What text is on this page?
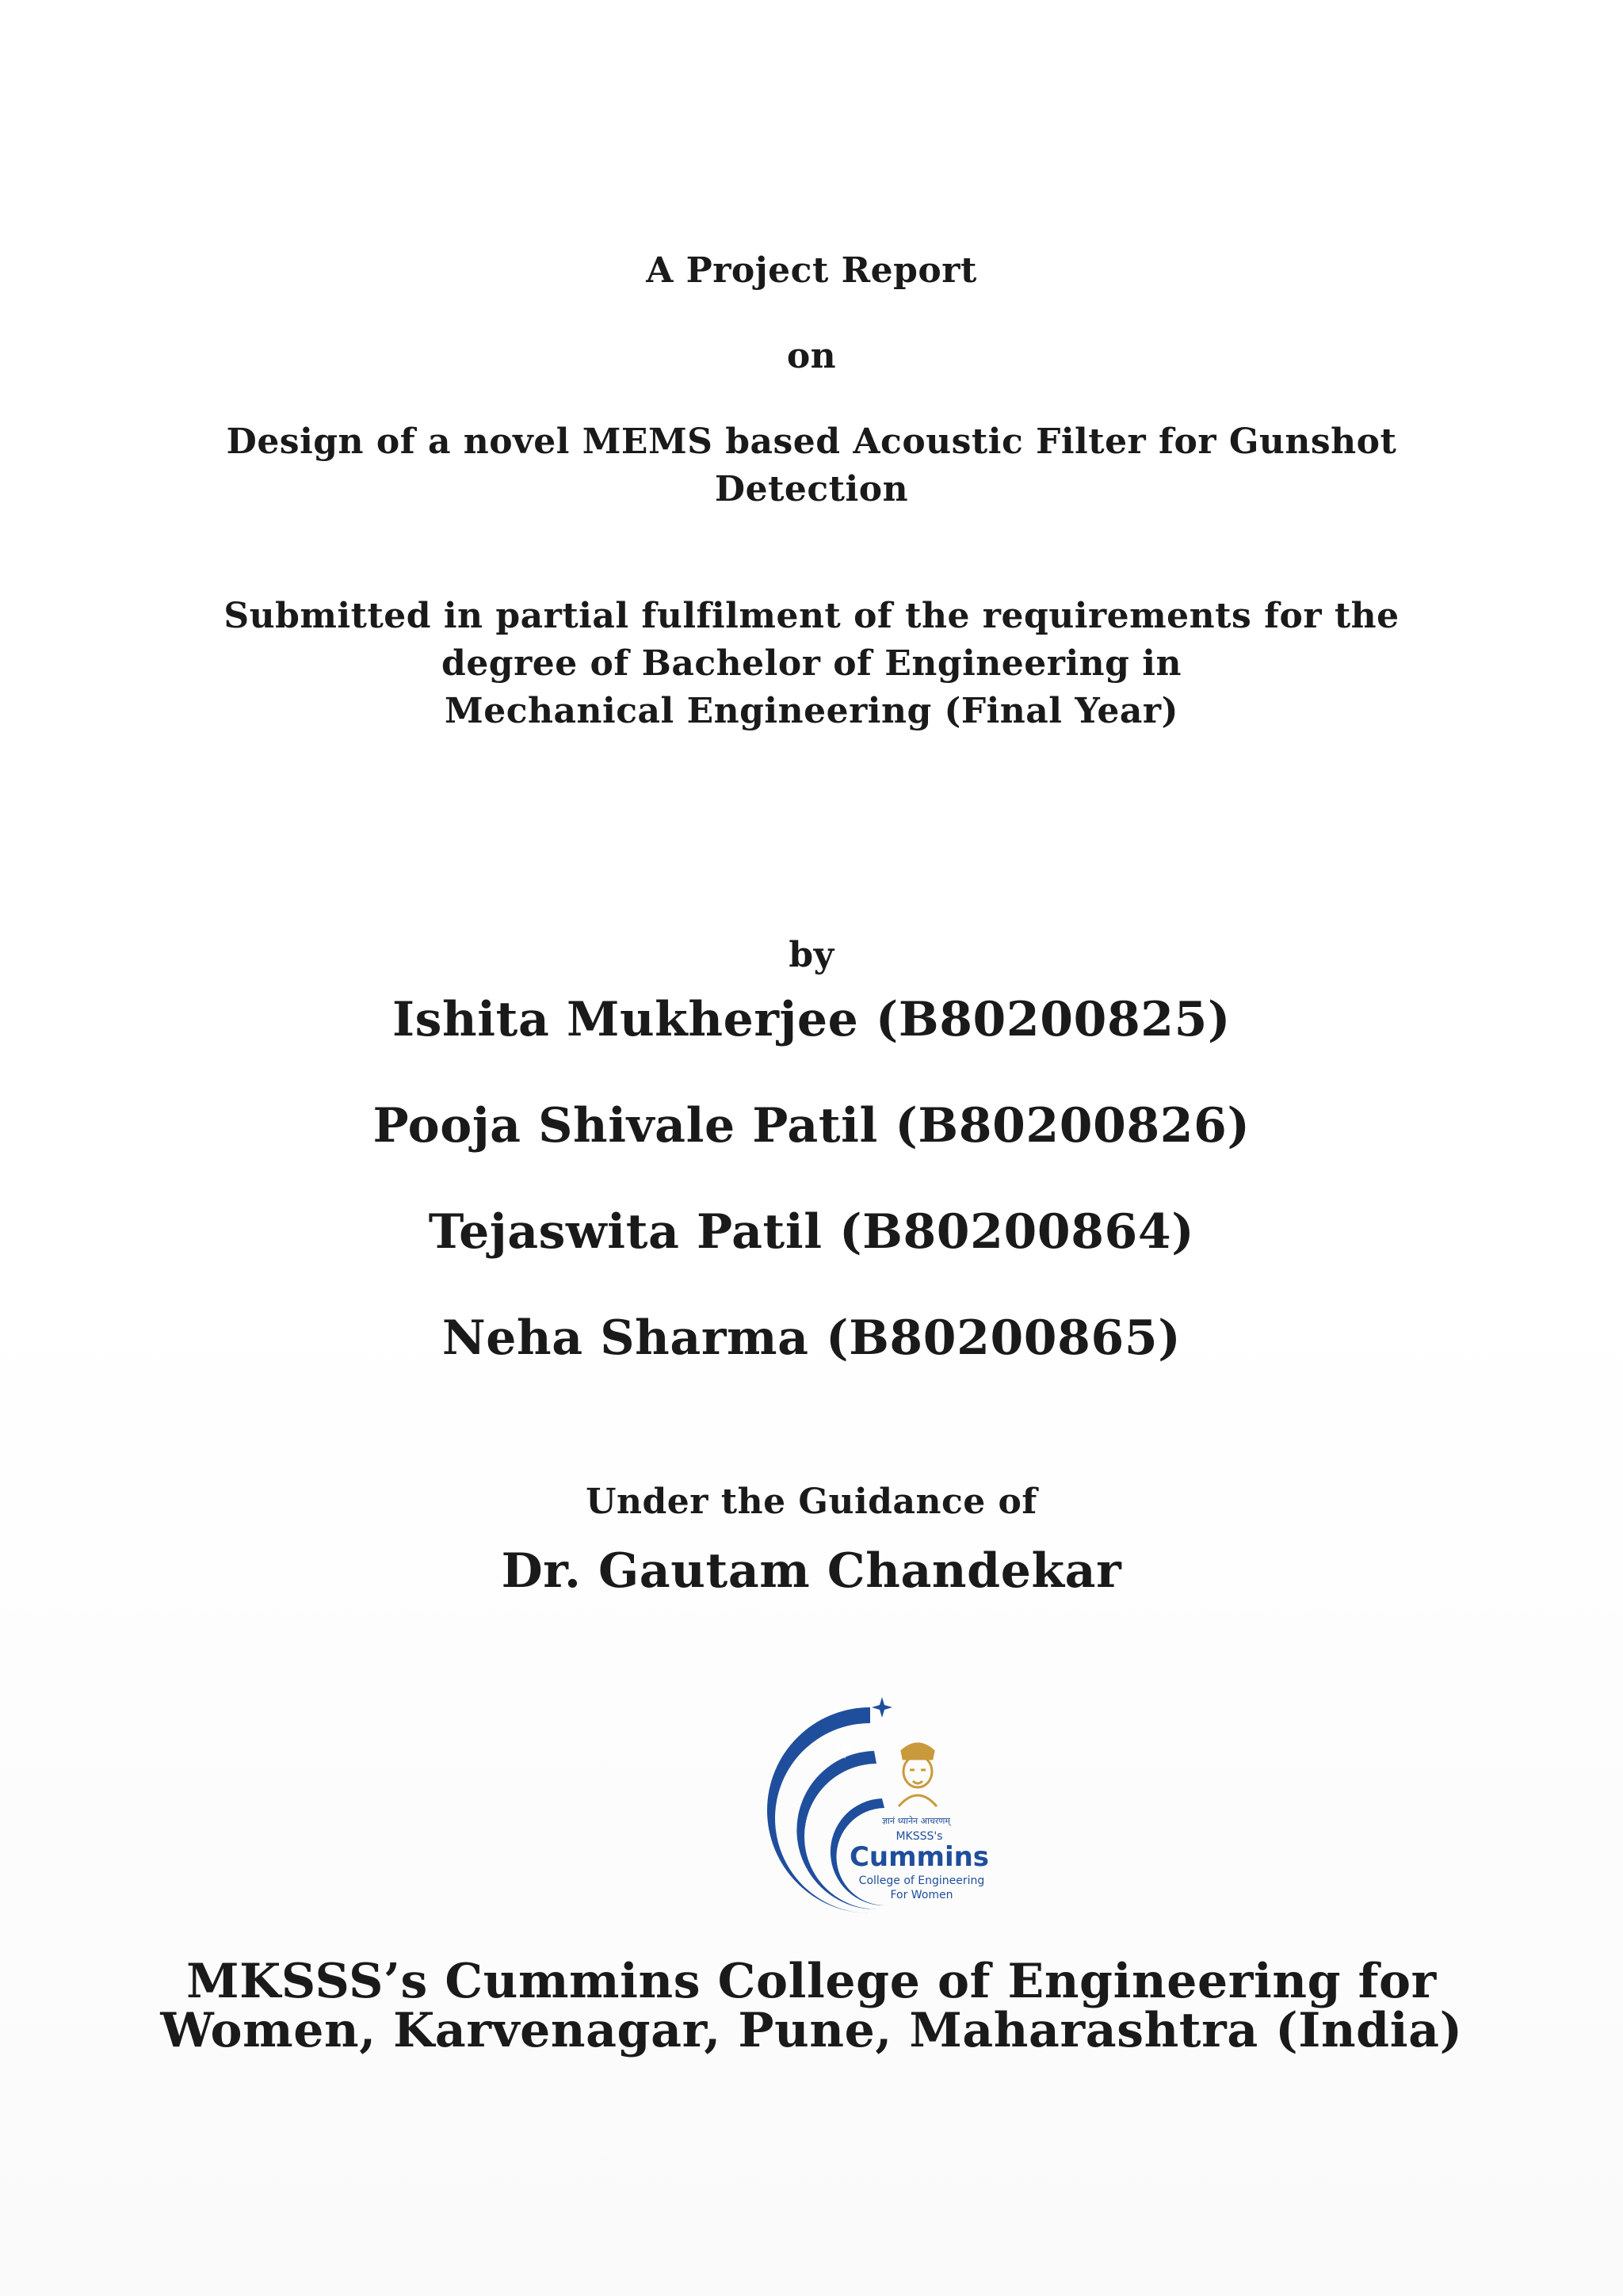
A Project Report
on
Design of a novel MEMS based Acoustic Filter for Gunshot
Detection
Submitted in partial fulfilment of the requirements for the
degree of Bachelor of Engineering in
Mechanical Engineering (Final Year)
by
Ishita Mukherjee (B80200825)
Pooja Shivale Patil (B80200826)
Tejaswita Patil (B80200864)
Neha Sharma (B80200865)
Under the Guidance of
Dr. Gautam Chandekar
ज्ञानं ध्यानेन आचरणम्
MKSSS's
Cummins
College of Engineering
For Women
MKSSS’s Cummins College of Engineering for
Women, Karvenagar, Pune, Maharashtra (India)
